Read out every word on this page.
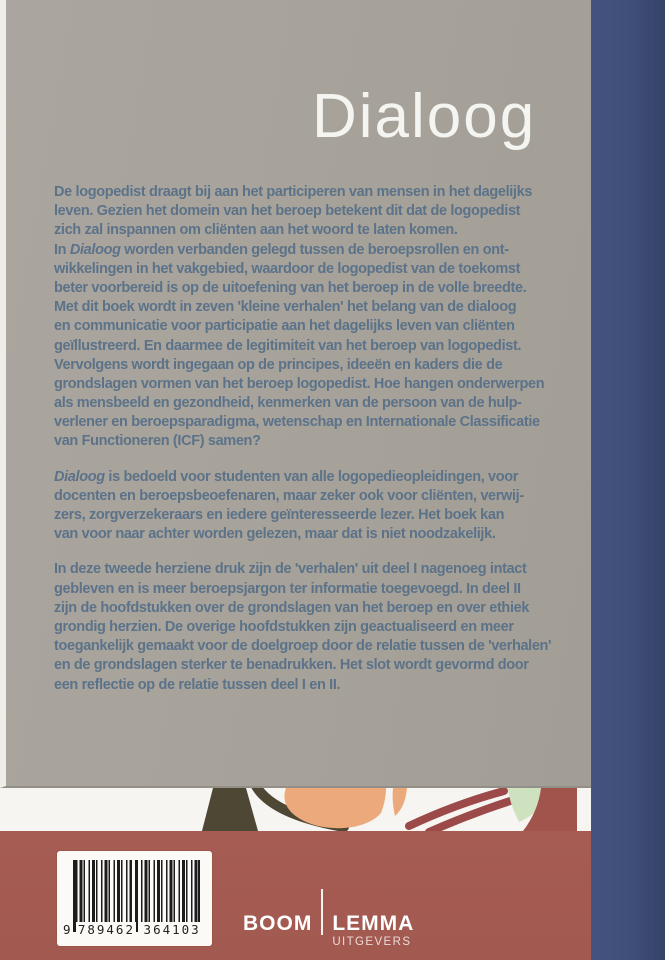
Dialoog
De logopedist draagt bij aan het participeren van mensen in het dagelijks
leven. Gezien het domein van het beroep betekent dit dat de logopedist
zich zal inspannen om cliënten aan het woord te laten komen.
In Dialoog worden verbanden gelegd tussen de beroepsrollen en ont-
wikkelingen in het vakgebied, waardoor de logopedist van de toekomst
beter voorbereid is op de uitoefening van het beroep in de volle breedte.
Met dit boek wordt in zeven 'kleine verhalen' het belang van de dialoog
en communicatie voor participatie aan het dagelijks leven van cliënten
geïllustreerd. En daarmee de legitimiteit van het beroep van logopedist.
Vervolgens wordt ingegaan op de principes, ideeën en kaders die de
grondslagen vormen van het beroep logopedist. Hoe hangen onderwerpen
als mensbeeld en gezondheid, kenmerken van de persoon van de hulp-
verlener en beroepsparadigma, wetenschap en Internationale Classificatie
van Functioneren (ICF) samen?
Dialoog is bedoeld voor studenten van alle logopedieopleidingen, voor
docenten en beroepsbeoefenaren, maar zeker ook voor cliënten, verwij-
zers, zorgverzekeraars en iedere geïnteresseerde lezer. Het boek kan
van voor naar achter worden gelezen, maar dat is niet noodzakelijk.
In deze tweede herziene druk zijn de 'verhalen' uit deel I nagenoeg intact
gebleven en is meer beroepsjargon ter informatie toegevoegd. In deel II
zijn de hoofdstukken over de grondslagen van het beroep en over ethiek
grondig herzien. De overige hoofdstukken zijn geactualiseerd en meer
toegankelijk gemaakt voor de doelgroep door de relatie tussen de 'verhalen'
en de grondslagen sterker te benadrukken. Het slot wordt gevormd door
een reflectie op de relatie tussen deel I en II.
9 789462 364103 BOOM LEMMA
UITGEVERS
